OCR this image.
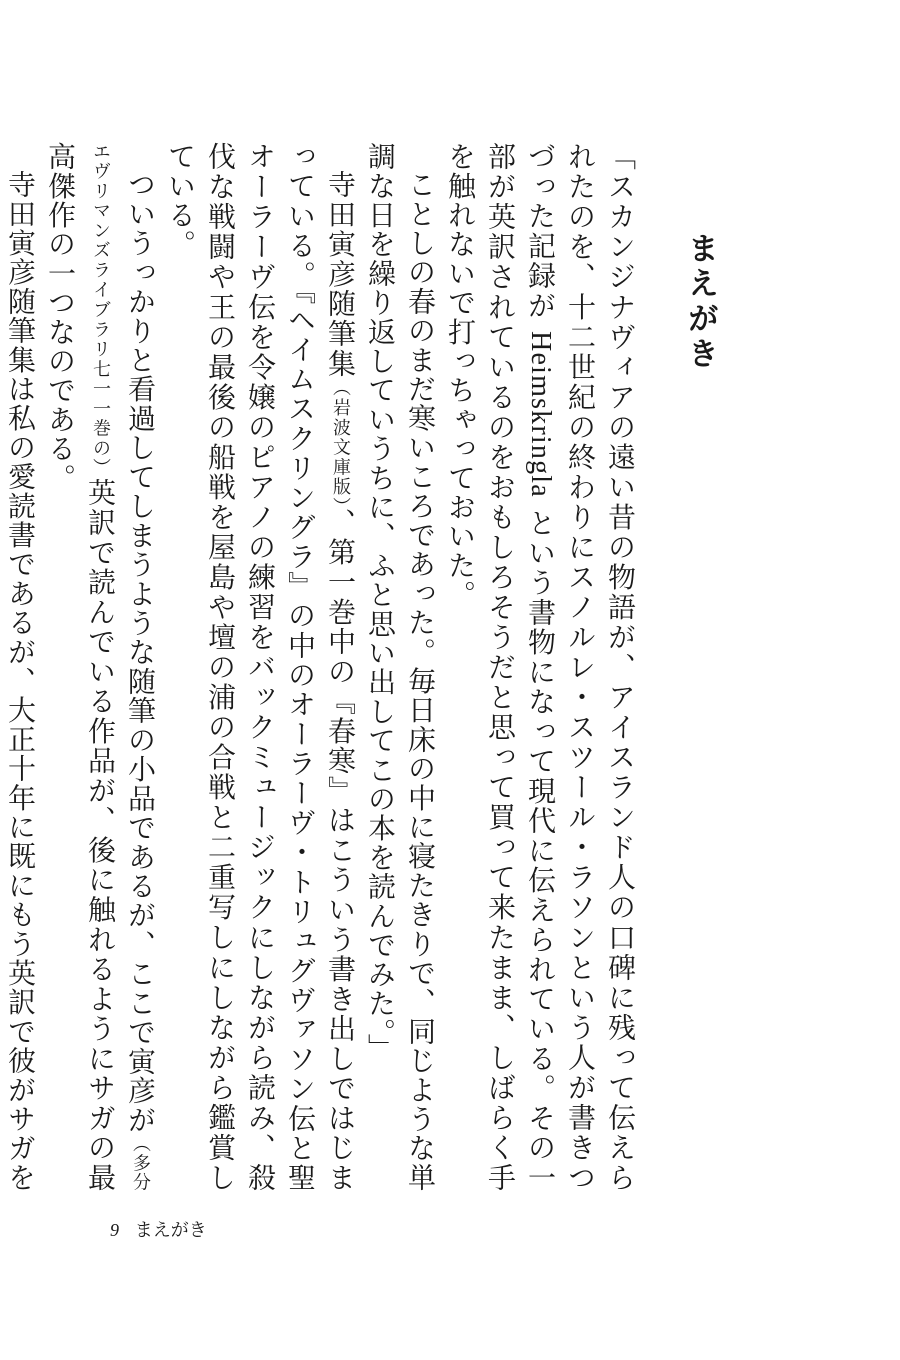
まえがき

「スカンジナヴィアの遠い昔の物語が、アイスランド人の口碑に残って伝えられたのを、十二世紀の終わりにスノルレ・スツール・ラソンという人が書きつづった記録が Heimskringla という書物になって現代に伝えられている。その一部が英訳されているのをおもしろそうだと思って買って来たまま、しばらく手を触れないで打っちゃっておいた。

ことしの春のまだ寒いころであった。毎日床の中に寝たきりで、同じような単調な日を繰り返していうちに、ふと思い出してこの本を読んでみた。」

寺田寅彦随筆集（岩波文庫版）、第一巻中の『春寒』はこういう書き出しではじまっている。『ヘイムスクリングラ』の中のオーラーヴ・トリュグヴァソン伝と聖オーラーヴ伝を令嬢のピアノの練習をバックミュージックにしながら読み、殺伐な戦闘や王の最後の船戦を屋島や壇の浦の合戦と二重写しにしながら鑑賞している。

ついうっかりと看過してしまうような随筆の小品であるが、ここで寅彦が（多分エヴリマンズライブラリ七一一巻の）英訳で読んでいる作品が、後に触れるようにサガの最高傑作の一つなのである。

寺田寅彦随筆集は私の愛読書であるが、大正十年に既にもう英訳で彼がサガを

9 まえがき
